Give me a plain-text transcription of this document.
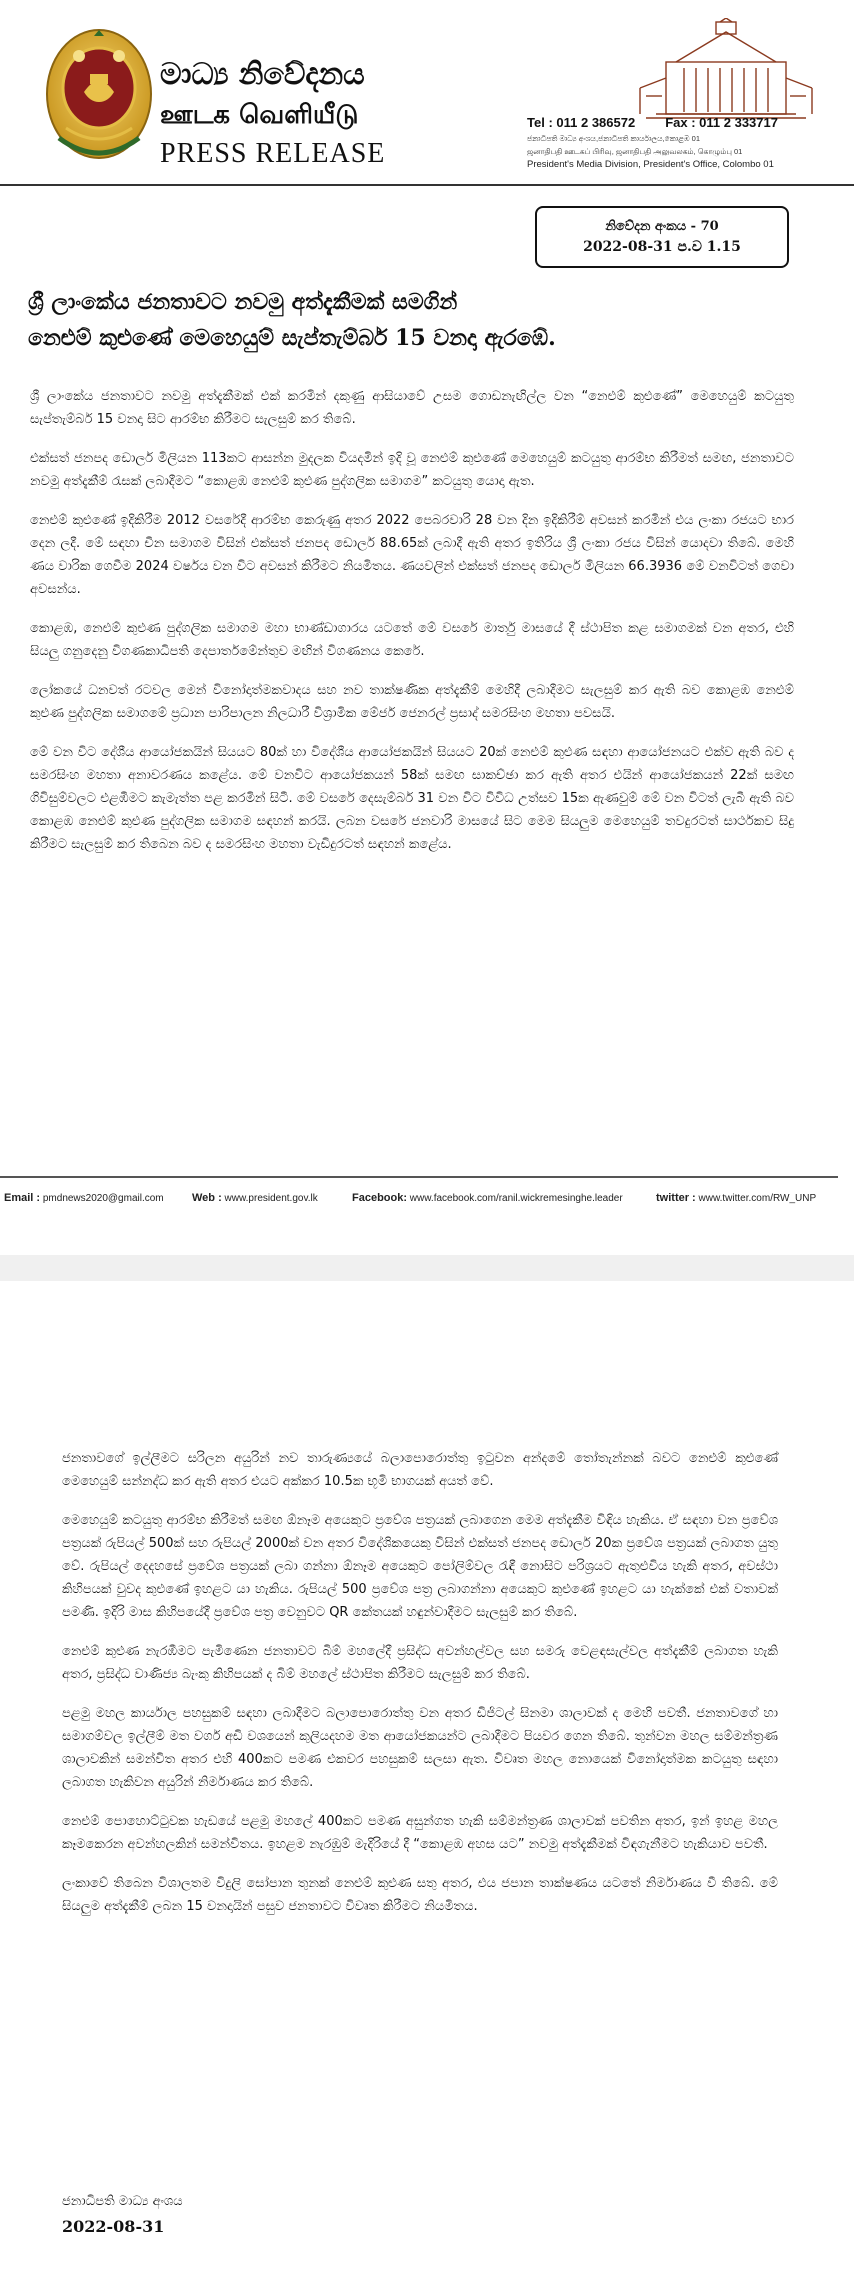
මාධ්‍ය නිවේදනය
ஊடக வெளியீடு
PRESS RELEASE
Tel : 011 2 386572 Fax : 011 2 333717
ජනාධිපති මාධ්‍ය අංශය,ජනාධිපති කාර්යාලය,කොළඹ 01
ஜனாதிபதி ஊடகப் பிரிவு, ஜனாதிபதி அலுவலகம், கொழும்பு 01
President's Media Division, President's Office, Colombo 01
නිවේදන අංකය - 70
2022-08-31 ප.ව 1.15
ශ්‍රී ලාංකේය ජනතාවට නවමු අත්දැකීමක් සමගින්
නෙළුම් කුළුණේ මෙහෙයුම් සැප්තැම්බර් 15 වනදා ඇරඹේ.

ශ්‍රී ලාංකේය ජනතාවට නවමු අත්දැකීමක් එක් කරමින් දකුණු ආසියාවේ උසම ගොඩනැඟිල්ල වන “නෙළුම් කුළුණේ” මෙහෙයුම් කටයුතු සැප්තැම්බර් 15 වනදා සිට ආරම්භ කිරීමට සැලසුම් කර තිබේ.

එක්සත් ජනපද ඩොලර් මිලියන 113කට ආසන්න මුදලක වියදමින් ඉදි වූ නෙළුම් කුළුණේ මෙහෙයුම් කටයුතු ආරම්භ කිරීමත් සමඟ, ජනතාවට නවමු අත්දැකීම් රැසක් ලබාදීමට “කොළඹ නෙළුම් කුළුණ පුද්ගලික සමාගම” කටයුතු යොදා ඇත.

නෙළුම් කුළුණේ ඉදිකිරීම 2012 වසරේදී ආරම්භ කෙරුණු අතර 2022 පෙබරවාරි 28 වන දින ඉදිකිරීම් අවසන් කරමින් එය ලංකා රජයට භාර දෙන ලදී. මේ සඳහා චීන සමාගම විසින් එක්සත් ජනපද ඩොලර් 88.65ක් ලබාදී ඇති අතර ඉතිරිය ශ්‍රී ලංකා රජය විසින් යොදවා තිබේ. මෙහි ණය වාරික ගෙවීම 2024 වර්ෂය වන විට අවසන් කිරීමට නියමිතය. ණයවලින් එක්සත් ජනපද ඩොලර් මිලියන 66.3936 මේ වනවිටත් ගෙවා අවසන්ය.

කොළඹ, නෙළුම් කුළුණ පුද්ගලික සමාගම මහා භාණ්ඩාගාරය යටතේ මේ වසරේ මාර්තු මාසයේ දී ස්ථාපිත කළ සමාගමක් වන අතර, එහි සියලු ගනුදෙනු විගණකාධිපති දෙපාර්තමේන්තුව මඟින් විගණනය කෙරේ.

ලෝකයේ ධනවත් රටවල මෙන් විනෝදාත්මකවාදය සහ නව තාක්ෂණික අත්දැකීම් මෙහිදී ලබාදීමට සැලසුම් කර ඇති බව කොළඹ නෙළුම් කුළුණ පුද්ගලික සමාගමේ ප්‍රධාන පාරිපාලන නිලධාරී විශ්‍රාමික මේජර් ජෙනරල් ප්‍රසාද් සමරසිංහ මහතා පවසයි.

මේ වන විට දේශීය ආයෝජකයින් සියයට 80ක් හා විදේශීය ආයෝජකයින් සියයට 20ක් නෙළුම් කුළුණ සඳහා ආයෝජනයට එක්ව ඇති බව ද සමරසිංහ මහතා අනාවරණය කළේය. මේ වනවිට ආයෝජකයන් 58ක් සමඟ සාකච්ඡා කර ඇති අතර එයින් ආයෝජකයන් 22ක් සමඟ ගිවිසුම්වලට එළඹීමට කැමැත්ත පළ කරමින් සිටී. මේ වසරේ දෙසැම්බර් 31 වන විට විවිධ උත්සව 15ක ඇණවුම් මේ වන විටත් ලැබී ඇති බව කොළඹ නෙළුම් කුළුණ පුද්ගලික සමාගම සඳහන් කරයි. ලබන වසරේ ජනවාරි මාසයේ සිට මෙම සියලුම මෙහෙයුම් තවදුරටත් සාර්ථකව සිදු කිරීමට සැලසුම් කර තිබෙන බව ද සමරසිංහ මහතා වැඩිදුරටත් සඳහන් කළේය.

Email : pmdnews2020@gmail.com	Web : www.president.gov.lk	Facebook: www.facebook.com/ranil.wickremesinghe.leader	twitter : www.twitter.com/RW_UNP

ජනතාවගේ ඉල්ලීමට සරිලන අයුරින් නව තාරුණ්‍යයේ බලාපොරොත්තු ඉටුවන අන්දමේ තෝතැන්නක් බවට නෙළුම් කුළුණේ මෙහෙයුම් සන්නද්ධ කර ඇති අතර එයට අක්කර 10.5ක භූමි භාගයක් අයත් වේ.

මෙහෙයුම් කටයුතු ආරම්භ කිරීමත් සමඟ ඕනෑම අයෙකුට ප්‍රවේශ පත්‍රයක් ලබාගෙන මෙම අත්දැකීම විඳිය හැකිය. ඒ සඳහා වන ප්‍රවේශ පත්‍රයක් රුපියල් 500ක් සහ රුපියල් 2000ක් වන අතර විදේශිකයෙකු විසින් එක්සත් ජනපද ඩොලර් 20ක ප්‍රවේශ පත්‍රයක් ලබාගත යුතු වේ. රුපියල් දෙදහසේ ප්‍රවේශ පත්‍රයක් ලබා ගන්නා ඕනෑම අයෙකුට පෝලිම්වල රැඳී නොසිට පරිශ්‍රයට ඇතුළුවිය හැකි අතර, අවස්ථා කිහිපයක් වුවද කුළුණේ ඉහළට යා හැකිය. රුපියල් 500 ප්‍රවේශ පත්‍ර ලබාගන්නා අයෙකුට කුළුණේ ඉහළට යා හැක්කේ එක් වතාවක් පමණි. ඉදිරි මාස කිහිපයේදී ප්‍රවේශ පත්‍ර වෙනුවට QR කේතයක් හඳුන්වාදීමට සැලසුම් කර තිබේ.

නෙළුම් කුළුණ නැරඹීමට පැමිණෙන ජනතාවට බිම් මහලේදී ප්‍රසිද්ධ අවන්හල්වල සහ සමරු වෙළඳසැල්වල අත්දැකීම් ලබාගත හැකි අතර, ප්‍රසිද්ධ වාණිජ්‍ය බැංකු කිහිපයක් ද බිම් මහලේ ස්ථාපිත කිරීමට සැලසුම් කර තිබේ.

පළමු මහල කාර්යාල පහසුකම් සඳහා ලබාදීමට බලාපොරොත්තු වන අතර ඩිජිටල් සිනමා ශාලාවක් ද මෙහි පවතී. ජනතාවගේ හා සමාගම්වල ඉල්ලීම් මත වර්ග අඩි වශයෙන් කුලියදහම මත ආයෝජකයන්ට ලබාදීමට පියවර ගෙන තිබේ. තුන්වන මහල සම්මන්ත්‍රණ ශාලාවකින් සමන්විත අතර එහි 400කට පමණ එකවර පහසුකම් සලසා ඇත. විවෘත මහල නොයෙක් විනෝදාත්මක කටයුතු සඳහා ලබාගත හැකිවන අයුරින් නිර්මාණය කර තිබේ.

නෙළුම් පොහොට්ටුවක හැඩයේ පළමු මහලේ 400කට පමණ අසුන්ගත හැකි සම්මන්ත්‍රණ ශාලාවක් පවතින අතර, ඉන් ඉහළ මහල කෑමකෙරන අවන්හලකින් සමන්විතය. ඉහළම නැරඹුම් මැදිරියේ දී “කොළඹ අහස යට” නවමු අත්දැකීමක් විඳගැනීමට හැකියාව පවතී.

ලංකාවේ තිබෙන විශාලතම විදුලි සෝපාන තුනක් නෙළුම් කුළුණ සතු අතර, එය ජපාන තාක්ෂණය යටතේ නිර්මාණය වී තිබේ. මේ සියලුම අත්දැකීම් ලබන 15 වනදායින් පසුව ජනතාවට විවෘත කිරීමට නියමිතය.

ජනාධිපති මාධ්‍ය අංශය
2022-08-31
